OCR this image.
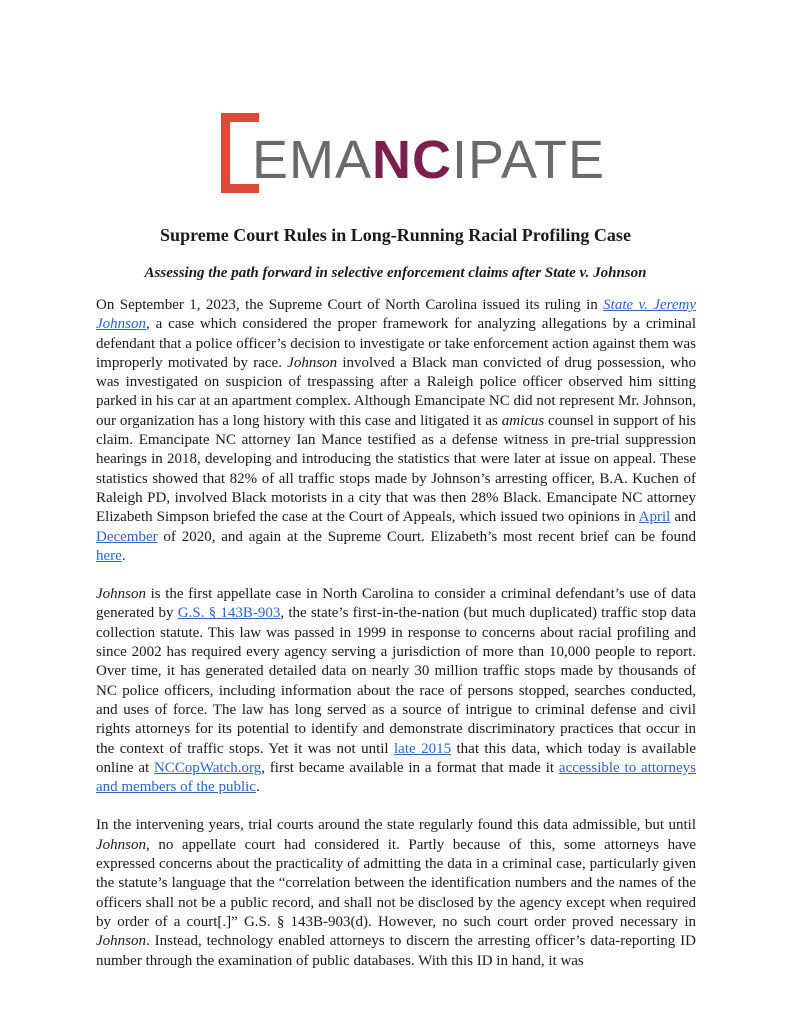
EMANCIPATE
Supreme Court Rules in Long-Running Racial Profiling Case
Assessing the path forward in selective enforcement claims after State v. Johnson

On September 1, 2023, the Supreme Court of North Carolina issued its ruling in State v. Jeremy Johnson, a case which considered the proper framework for analyzing allegations by a criminal defendant that a police officer’s decision to investigate or take enforcement action against them was improperly motivated by race. Johnson involved a Black man convicted of drug possession, who was investigated on suspicion of trespassing after a Raleigh police officer observed him sitting parked in his car at an apartment complex. Although Emancipate NC did not represent Mr. Johnson, our organization has a long history with this case and litigated it as amicus counsel in support of his claim. Emancipate NC attorney Ian Mance testified as a defense witness in pre-trial suppression hearings in 2018, developing and introducing the statistics that were later at issue on appeal. These statistics showed that 82% of all traffic stops made by Johnson’s arresting officer, B.A. Kuchen of Raleigh PD, involved Black motorists in a city that was then 28% Black. Emancipate NC attorney Elizabeth Simpson briefed the case at the Court of Appeals, which issued two opinions in April and December of 2020, and again at the Supreme Court. Elizabeth’s most recent brief can be found here.

Johnson is the first appellate case in North Carolina to consider a criminal defendant’s use of data generated by G.S. § 143B-903, the state’s first-in-the-nation (but much duplicated) traffic stop data collection statute. This law was passed in 1999 in response to concerns about racial profiling and since 2002 has required every agency serving a jurisdiction of more than 10,000 people to report. Over time, it has generated detailed data on nearly 30 million traffic stops made by thousands of NC police officers, including information about the race of persons stopped, searches conducted, and uses of force. The law has long served as a source of intrigue to criminal defense and civil rights attorneys for its potential to identify and demonstrate discriminatory practices that occur in the context of traffic stops. Yet it was not until late 2015 that this data, which today is available online at NCCopWatch.org, first became available in a format that made it accessible to attorneys and members of the public.

In the intervening years, trial courts around the state regularly found this data admissible, but until Johnson, no appellate court had considered it. Partly because of this, some attorneys have expressed concerns about the practicality of admitting the data in a criminal case, particularly given the statute’s language that the “correlation between the identification numbers and the names of the officers shall not be a public record, and shall not be disclosed by the agency except when required by order of a court[.]” G.S. § 143B-903(d). However, no such court order proved necessary in Johnson. Instead, technology enabled attorneys to discern the arresting officer’s data-reporting ID number through the examination of public databases. With this ID in hand, it was
